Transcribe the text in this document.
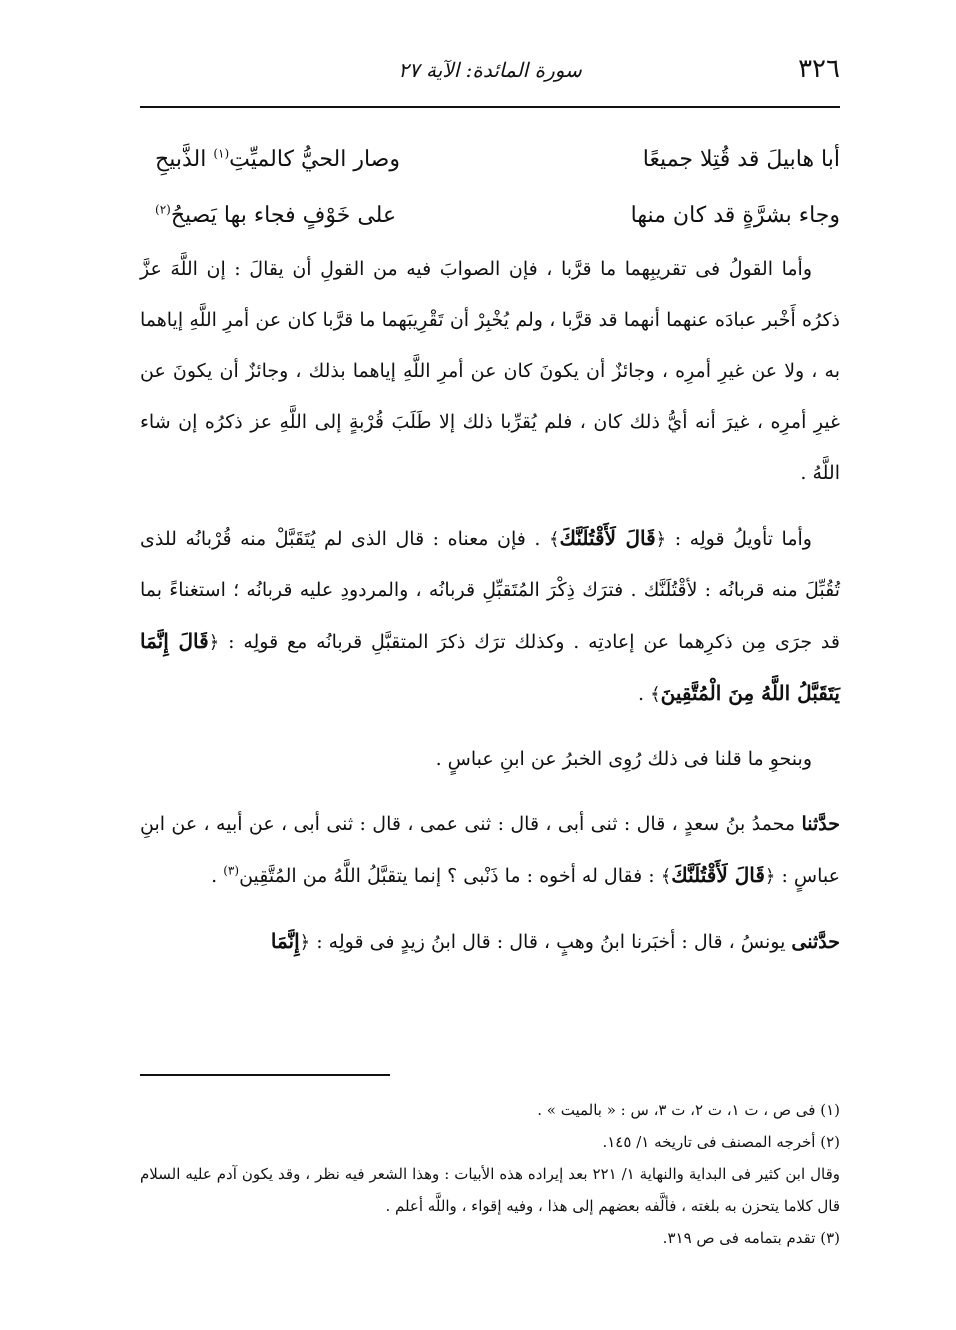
٣٢٦
سورة المائدة: الآية ٢٧
أبا هابيلَ قد قُتِلا جميعًا
وصار الحيُّ كالميِّتِ$^{(١)}$ الذَّبيحِ
وجاء بشرَّةٍ قد كان منها
على خَوْفٍ فجاء بها يَصيحُ$^{(٢)}$

وأما القولُ فى تقريبِهما ما قرَّبا ، فإن الصوابَ فيه من القولِ أن يقالَ : إن اللَّهَ عزَّ ذكرُه أَخْبر عبادَه عنهما أنهما قد قرَّبا ، ولم يُخْبِرْ أن تَقْرِيبَهما ما قرَّبا كان عن أمرِ اللَّهِ إياهما به ، ولا عن غيرِ أمرِه ، وجائزٌ أن يكونَ كان عن أمرِ اللَّهِ إياهما بذلك ، وجائزٌ أن يكونَ عن غيرِ أمرِه ، غيرَ أنه أيُّ ذلك كان ، فلم يُقرِّبا ذلك إلا طَلَبَ قُرْبةٍ إلى اللَّهِ عز ذكرُه إن شاء اللَّهُ .

وأما تأويلُ قولِه : ﴿قَالَ لَأَقْتُلَنَّكَ﴾ . فإن معناه : قال الذى لم يُتَقَبَّلْ منه قُرْبانُه للذى تُقُبِّلَ منه قربانُه : لأقْتُلَنَّك . فترَك ذِكْرَ المُتَقبِّلِ قربانُه ، والمردودِ عليه قربانُه ؛ استغناءً بما قد جرَى مِن ذكرِهما عن إعادتِه . وكذلك ترَك ذكرَ المتقبَّلِ قربانُه مع قولِه : ﴿قَالَ إِنَّمَا يَتَقَبَّلُ اللَّهُ مِنَ الْمُتَّقِينَ﴾ .

وبنحوِ ما قلنا فى ذلك رُوِى الخبرُ عن ابنِ عباسٍ .

حدَّثنا محمدُ بنُ سعدٍ ، قال : ثنى أبى ، قال : ثنى عمى ، قال : ثنى أبى ، عن أبيه ، عن ابنِ عباسٍ : ﴿قَالَ لَأَقْتُلَنَّكَ﴾ : فقال له أخوه : ما ذَنْبى ؟ إنما يتقبَّلُ اللَّهُ من المُتَّقِين$^{(٣)}$ .

حدَّثنى يونسُ ، قال : أخبَرنا ابنُ وهبٍ ، قال : قال ابنُ زيدٍ فى قولِه : ﴿إِنَّمَا

(١) فى ص ، ت ١، ت ٢، ت ٣، س : « بالميت » .

(٢) أخرجه المصنف فى تاريخه ١/ ١٤٥.

وقال ابن كثير فى البداية والنهاية ١/ ٢٢١ بعد إيراده هذه الأبيات : وهذا الشعر فيه نظر ، وقد يكون آدم عليه السلام قال كلاما يتحزن به بلغته ، فألَّفه بعضهم إلى هذا ، وفيه إقواء ، واللَّه أعلم .

(٣) تقدم بتمامه فى ص ٣١٩.
